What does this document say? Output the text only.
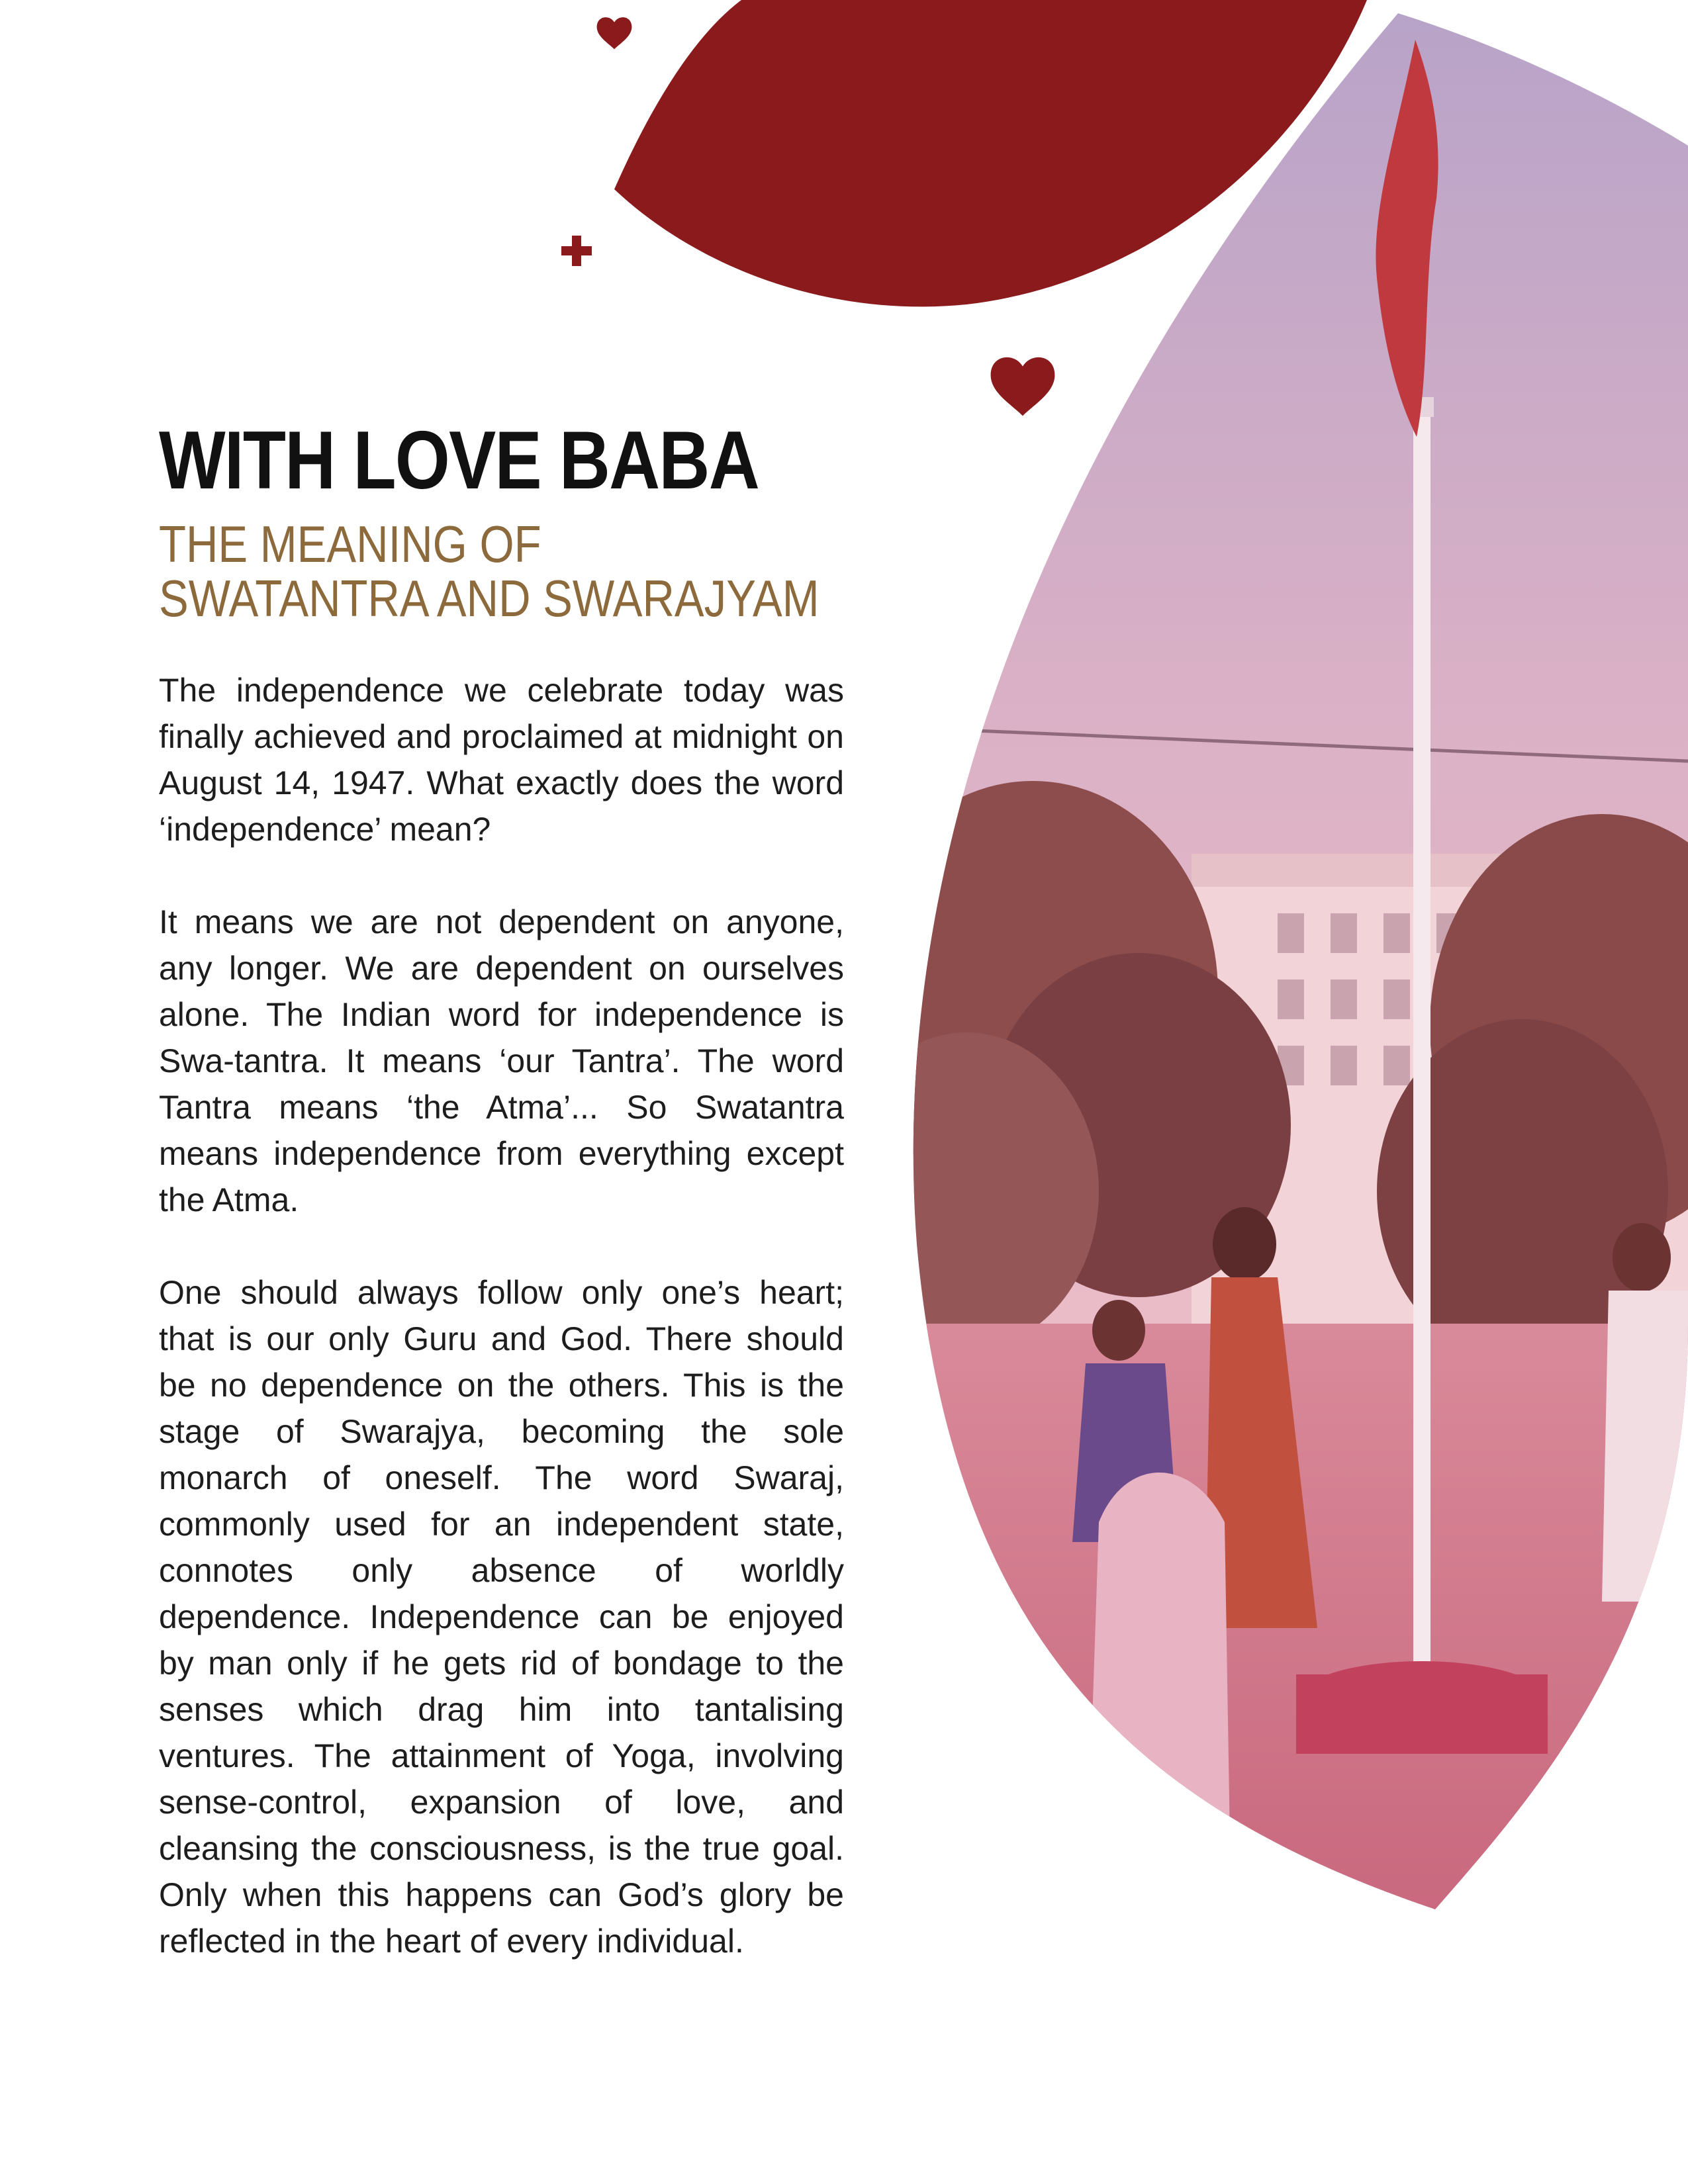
WITH LOVE BABA
THE MEANING OF
SWATANTRA AND SWARAJYAM

The independence we celebrate today was finally achieved and proclaimed at midnight on August 14, 1947. What exactly does the word ‘independence’ mean?

It means we are not dependent on anyone, any longer. We are dependent on ourselves alone. The Indian word for independence is Swa-tantra. It means ‘our Tantra’. The word Tantra means ‘the Atma’... So Swatantra means independence from everything except the Atma.

One should always follow only one’s heart; that is our only Guru and God. There should be no dependence on the others. This is the stage of Swarajya, becoming the sole monarch of oneself. The word Swaraj, commonly used for an independent state, connotes only absence of worldly dependence. Independence can be enjoyed by man only if he gets rid of bondage to the senses which drag him into tantalising ventures. The attainment of Yoga, involving sense-control, expansion of love, and cleansing the consciousness, is the true goal. Only when this happens can God’s glory be reflected in the heart of every individual.
